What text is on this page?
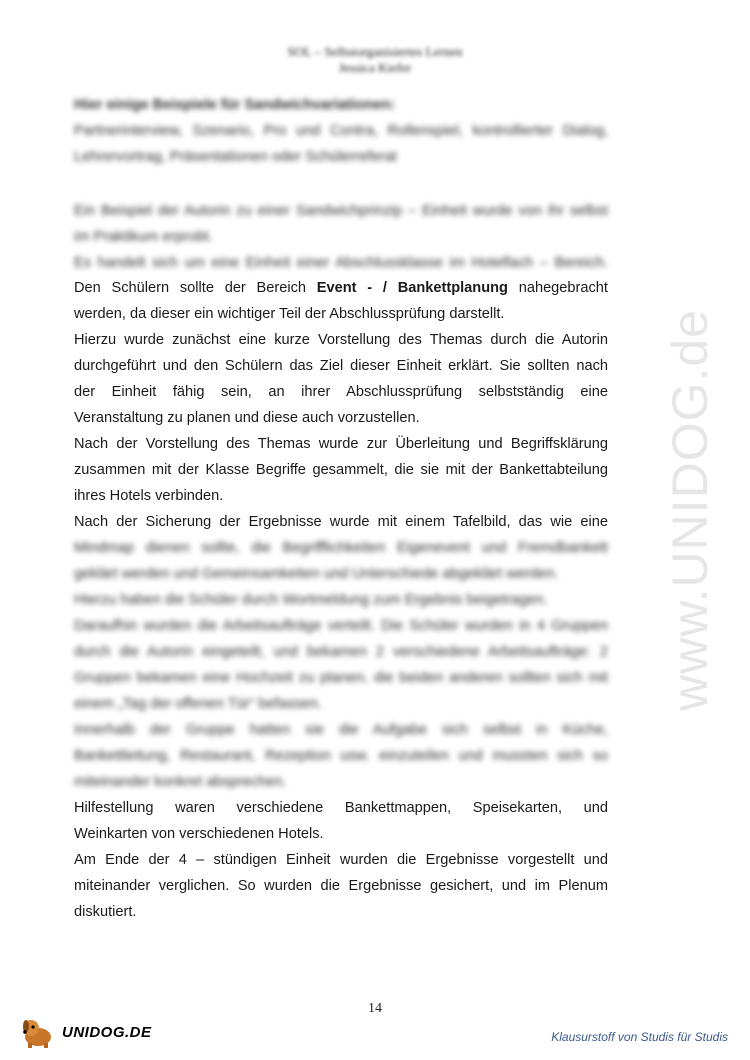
SOL – Selbstorganisiertes Lernen
Jessica Kiefer
Hier einige Beispiele für Sandwichvariationen:
Partnerinterview, Szenario, Pro und Contra, Rollenspiel, kontrollierter Dialog,
Lehrervortrag, Präsentationen oder Schülerreferat
Ein Beispiel der Autorin zu einer Sandwichprinzip – Einheit wurde von ihr selbst
im Praktikum erprobt.
Es handelt sich um eine Einheit einer Abschlussklasse im Hotelfach – Bereich.
Den Schülern sollte der Bereich Event - / Bankettplanung nahegebracht
werden, da dieser ein wichtiger Teil der Abschlussprüfung darstellt.
Hierzu wurde zunächst eine kurze Vorstellung des Themas durch die Autorin
durchgeführt und den Schülern das Ziel dieser Einheit erklärt. Sie sollten nach
der Einheit fähig sein, an ihrer Abschlussprüfung selbstständig eine
Veranstaltung zu planen und diese auch vorzustellen.
Nach der Vorstellung des Themas wurde zur Überleitung und Begriffsklärung
zusammen mit der Klasse Begriffe gesammelt, die sie mit der Bankettabteilung
ihres Hotels verbinden.
Nach der Sicherung der Ergebnisse wurde mit einem Tafelbild, das wie eine
Mindmap dienen sollte, die Begrifflichkeiten Eigenevent und Fremdbankett
geklärt werden und Gemeinsamkeiten und Unterschiede abgeklärt werden.
Hierzu haben die Schüler durch Wortmeldung zum Ergebnis beigetragen.
Daraufhin wurden die Arbeitsaufträge verteilt. Die Schüler wurden in 4 Gruppen
durch die Autorin eingeteilt, und bekamen 2 verschiedene Arbeitsaufträge: 2
Gruppen bekamen eine Hochzeit zu planen, die beiden anderen sollten sich mit
einem „Tag der offenen Tür“ befassen.
Innerhalb der Gruppe hatten sie die Aufgabe sich selbst in Küche,
Bankettleitung, Restaurant, Rezeption usw. einzuteilen und mussten sich so
miteinander konkret absprechen.
Hilfestellung waren verschiedene Bankettmappen, Speisekarten, und
Weinkarten von verschiedenen Hotels.
Am Ende der 4 – stündigen Einheit wurden die Ergebnisse vorgestellt und
miteinander verglichen. So wurden die Ergebnisse gesichert, und im Plenum
diskutiert.
www.UNIDOG.de
14
UNIDOG.DE	Klausurstoff von Studis für Studis
